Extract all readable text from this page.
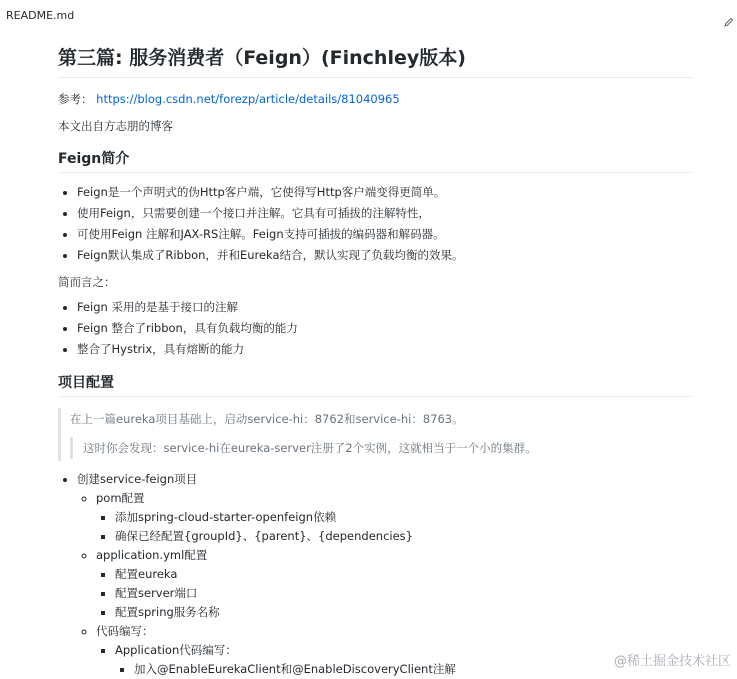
README.md
第三篇: 服务消费者（Feign）(Finchley版本)

参考： https://blog.csdn.net/forezp/article/details/81040965

本文出自方志朋的博客

Feign简介
• Feign是一个声明式的伪Http客户端，它使得写Http客户端变得更简单。
• 使用Feign，只需要创建一个接口并注解。它具有可插拔的注解特性，
• 可使用Feign 注解和JAX-RS注解。Feign支持可插拔的编码器和解码器。
• Feign默认集成了Ribbon，并和Eureka结合，默认实现了负载均衡的效果。

简而言之：

• Feign 采用的是基于接口的注解
• Feign 整合了ribbon，具有负载均衡的能力
• 整合了Hystrix，具有熔断的能力
项目配置
在上一篇eureka项目基础上，启动service-hi：8762和service-hi：8763。
这时你会发现：service-hi在eureka-server注册了2个实例，这就相当于一个小的集群。
• 创建service-feign项目
◦ pom配置
▪ 添加spring-cloud-starter-openfeign依赖
▪ 确保已经配置{groupId}、{parent}、{dependencies}
◦ application.yml配置
▪ 配置eureka
▪ 配置server端口
▪ 配置spring服务名称
◦ 代码编写：
▪ Application代码编写：
▪ 加入@EnableEurekaClient和@EnableDiscoveryClient注解	@稀土掘金技术社区
